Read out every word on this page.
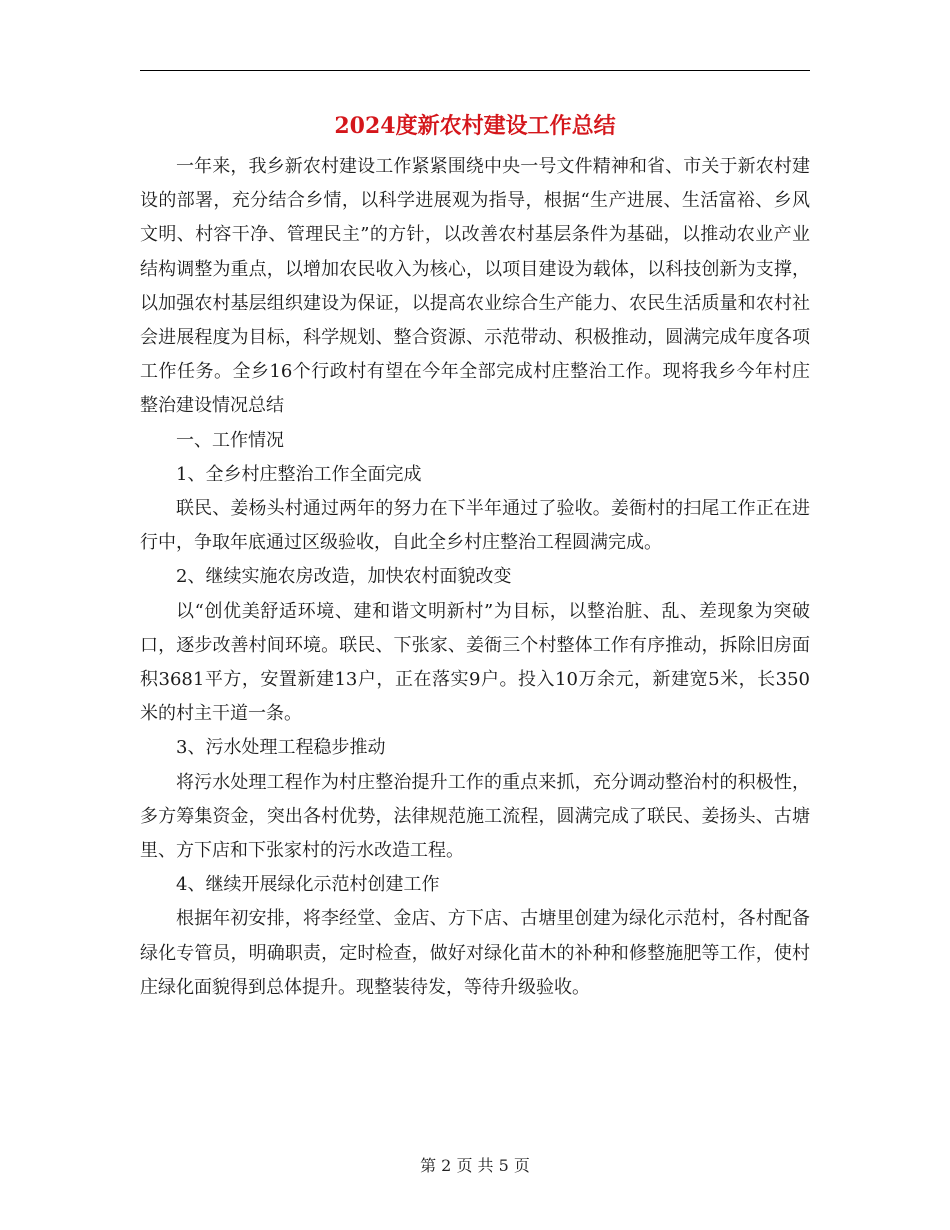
2024度新农村建设工作总结

一年来，我乡新农村建设工作紧紧围绕中央一号文件精神和省、市关于新农村建设的部署，充分结合乡情，以科学进展观为指导，根据“生产进展、生活富裕、乡风文明、村容干净、管理民主”的方针，以改善农村基层条件为基础，以推动农业产业结构调整为重点，以增加农民收入为核心，以项目建设为载体，以科技创新为支撑，以加强农村基层组织建设为保证，以提高农业综合生产能力、农民生活质量和农村社会进展程度为目标，科学规划、整合资源、示范带动、积极推动，圆满完成年度各项工作任务。全乡16个行政村有望在今年全部完成村庄整治工作。现将我乡今年村庄整治建设情况总结

一、工作情况

1、全乡村庄整治工作全面完成

联民、姜杨头村通过两年的努力在下半年通过了验收。姜衙村的扫尾工作正在进行中，争取年底通过区级验收，自此全乡村庄整治工程圆满完成。

2、继续实施农房改造，加快农村面貌改变

以“创优美舒适环境、建和谐文明新村”为目标，以整治脏、乱、差现象为突破口，逐步改善村间环境。联民、下张家、姜衙三个村整体工作有序推动，拆除旧房面积3681平方，安置新建13户，正在落实9户。投入10万余元，新建宽5米，长350米的村主干道一条。

3、污水处理工程稳步推动

将污水处理工程作为村庄整治提升工作的重点来抓，充分调动整治村的积极性，多方筹集资金，突出各村优势，法律规范施工流程，圆满完成了联民、姜扬头、古塘里、方下店和下张家村的污水改造工程。

4、继续开展绿化示范村创建工作

根据年初安排，将李经堂、金店、方下店、古塘里创建为绿化示范村，各村配备绿化专管员，明确职责，定时检查，做好对绿化苗木的补种和修整施肥等工作，使村庄绿化面貌得到总体提升。现整装待发，等待升级验收。

第 2 页 共 5 页
